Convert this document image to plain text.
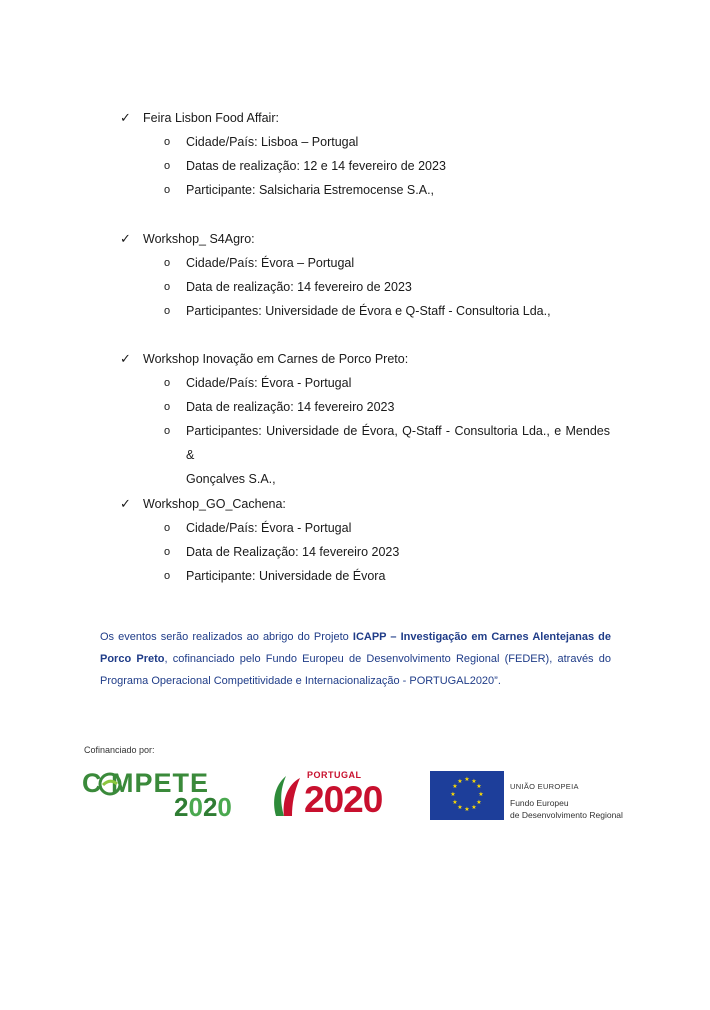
✓ Feira Lisbon Food Affair:
o Cidade/País: Lisboa – Portugal
o Datas de realização: 12 e 14 fevereiro de 2023
o Participante: Salsicharia Estremocense S.A.,
✓ Workshop_ S4Agro:
o Cidade/País: Évora – Portugal
o Data de realização: 14 fevereiro de 2023
o Participantes: Universidade de Évora e Q-Staff - Consultoria Lda.,
✓ Workshop Inovação em Carnes de Porco Preto:
o Cidade/País: Évora - Portugal
o Data de realização: 14 fevereiro 2023
o Participantes: Universidade de Évora, Q-Staff - Consultoria Lda., e Mendes &
Gonçalves S.A.,
✓ Workshop_GO_Cachena:
o Cidade/País: Évora - Portugal
o Data de Realização: 14 fevereiro 2023
o Participante: Universidade de Évora
Os eventos serão realizados ao abrigo do Projeto ICAPP – Investigação em Carnes Alentejanas de Porco Preto, cofinanciado pelo Fundo Europeu de Desenvolvimento Regional (FEDER), através do Programa Operacional Competitividade e Internacionalização - PORTUGAL2020”.
Cofinanciado por:
C MPETE
2020
PORTUGAL
2020	★ ★
★
★
★
★
★
★
★
★
★
★
UNIÃO EUROPEIA
Fundo Europeu
de Desenvolvimento Regional
